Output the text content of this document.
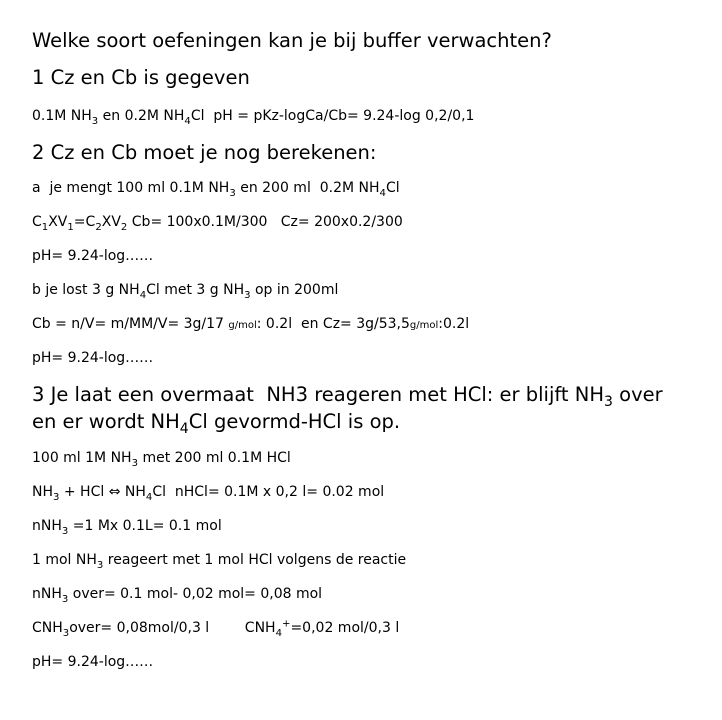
Welke soort oefeningen kan je bij buffer verwachten?
1 Cz en Cb is gegeven
0.1M $NH_3$ en 0.2M $NH_4Cl$  pH = pKz-logCa/Cb= 9.24-log 0,2/0,1
2 Cz en Cb moet je nog berekenen:
a  je mengt 100 ml 0.1M $NH_3$ en 200 ml  0.2M $NH_4Cl$
$C_1XV_1=C_2XV_2$ Cb= 100x0.1M/300   Cz= 200x0.2/300
pH= 9.24-log……
b je lost 3 g $NH_4Cl$ met 3 g $NH_3$ op in 200ml
Cb = n/V= m/MM/V= 3g/17 g/mol: 0.2l  en Cz= 3g/53,5g/mol:0.2l
pH= 9.24-log……
3 Je laat een overmaat  NH3 reageren met HCl: er blijft $NH_3$ over
en er wordt $NH_4Cl$ gevormd-HCl is op.
100 ml 1M $NH_3$ met 200 ml 0.1M HCl
$NH_3$ + HCl ⇔ $NH_4Cl$  nHCl= 0.1M x 0,2 l= 0.02 mol
nNH$_3$ =1 Mx 0.1L= 0.1 mol
1 mol $NH_3$ reageert met 1 mol HCl volgens de reactie
nNH$_3$ over= 0.1 mol- 0,02 mol= 0,08 mol
$CNH_3over= 0,08mol/0,3$ l        $CNH_4^+=0,02$ mol/0,3 l
pH= 9.24-log……
